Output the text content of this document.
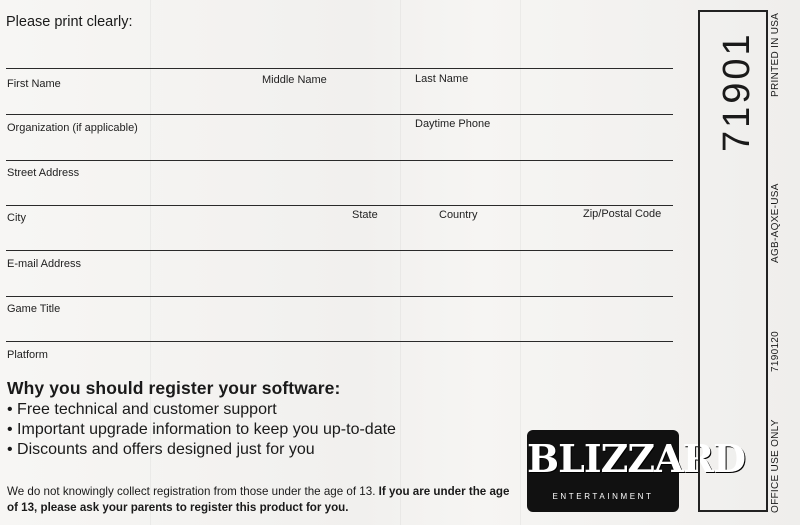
Please print clearly:
First Name	Middle Name	Last Name
Organization (if applicable)	Daytime Phone
Street Address
City	State	Country	Zip/Postal Code
E-mail Address
Game Title
Platform
Why you should register your software:
• Free technical and customer support
• Important upgrade information to keep you up-to-date
• Discounts and offers designed just for you
We do not knowingly collect registration from those under the age of 13. If you are under the age of 13, please ask your parents to register this product for you.
BLIZZARD
ENTERTAINMENT
71901 PRINTED IN USA
AGB-AQXE-USA
7190120
OFFICE USE ONLY
